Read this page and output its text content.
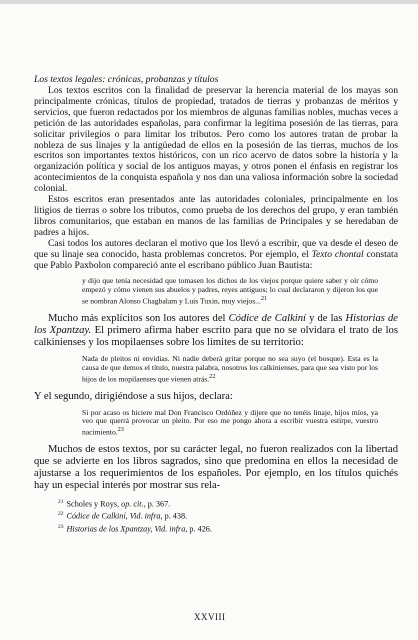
Los textos legales: crónicas, probanzas y títulos

Los textos escritos con la finalidad de preservar la herencia material de los mayas son principalmente crónicas, títulos de propiedad, tratados de tierras y probanzas de méritos y servicios, que fueron redactados por los miembros de algunas familias nobles, muchas veces a petición de las autoridades españolas, para confirmar la legítima posesión de las tierras, para solicitar privilegios o para limitar los tributos. Pero como los autores tratan de probar la nobleza de sus linajes y la antigüedad de ellos en la posesión de las tierras, muchos de los escritos son importantes textos históricos, con un rico acervo de datos sobre la historia y la organización política y social de los antiguos mayas, y otros ponen el énfasis en registrar los acontecimientos de la conquista española y nos dan una valiosa información sobre la sociedad colonial.

Estos escritos eran presentados ante las autoridades coloniales, principalmente en los litigios de tierras o sobre los tributos, como prueba de los derechos del grupo, y eran también libros comunitarios, que estaban en manos de las familias de Principales y se heredaban de padres a hijos.

Casi todos los autores declaran el motivo que los llevó a escribir, que va desde el deseo de que su linaje sea conocido, hasta problemas concretos. Por ejemplo, el Texto chontal constata que Pablo Paxbolon compareció ante el escribano público Juan Bautista:

y dijo que tenía necesidad que tomasen los dichos de los viejos porque quiere saber y oír cómo empezó y cómo vienen sus abuelos y padres, reyes antiguos; lo cual declararon y dijeron los que se nombran Alonso Chagbalam y Luis Tuxin, muy viejos...$^{21}$

Mucho más explícitos son los autores del Códice de Calkiní y de las Historias de los Xpantzay. El primero afirma haber escrito para que no se olvidara el trato de los calkinienses y los mopilaenses sobre los límites de su territorio:

Nada de pleitos ni envidias. Ni nadie deberá gritar porque no sea suyo (el bosque). Esta es la causa de que demos el título, nuestra palabra, nosotros los calkinienses, para que sea visto por los hijos de los mopilaenses que vienen atrás.$^{22}$

Y el segundo, dirigiéndose a sus hijos, declara:

Si por acaso os hiciere mal Don Francisco Ordóñez y dijere que no tenéis linaje, hijos míos, ya veo que querrá provocar un pleito. Por eso me pongo ahora a escribir vuestra estirpe, vuestro nacimiento.$^{23}$

Muchos de estos textos, por su carácter legal, no fueron realizados con la libertad que se advierte en los libros sagrados, sino que predomina en ellos la necesidad de ajustarse a los requerimientos de los españoles. Por ejemplo, en los títulos quichés hay un especial interés por mostrar sus rela-

$^{21}$ Scholes y Roys, op. cit., p. 367.
$^{22}$ Códice de Calkiní, Vid. infra, p. 438.
$^{23}$ Historias de los Xpantzay, Vid. infra, p. 426.
XXVIII
